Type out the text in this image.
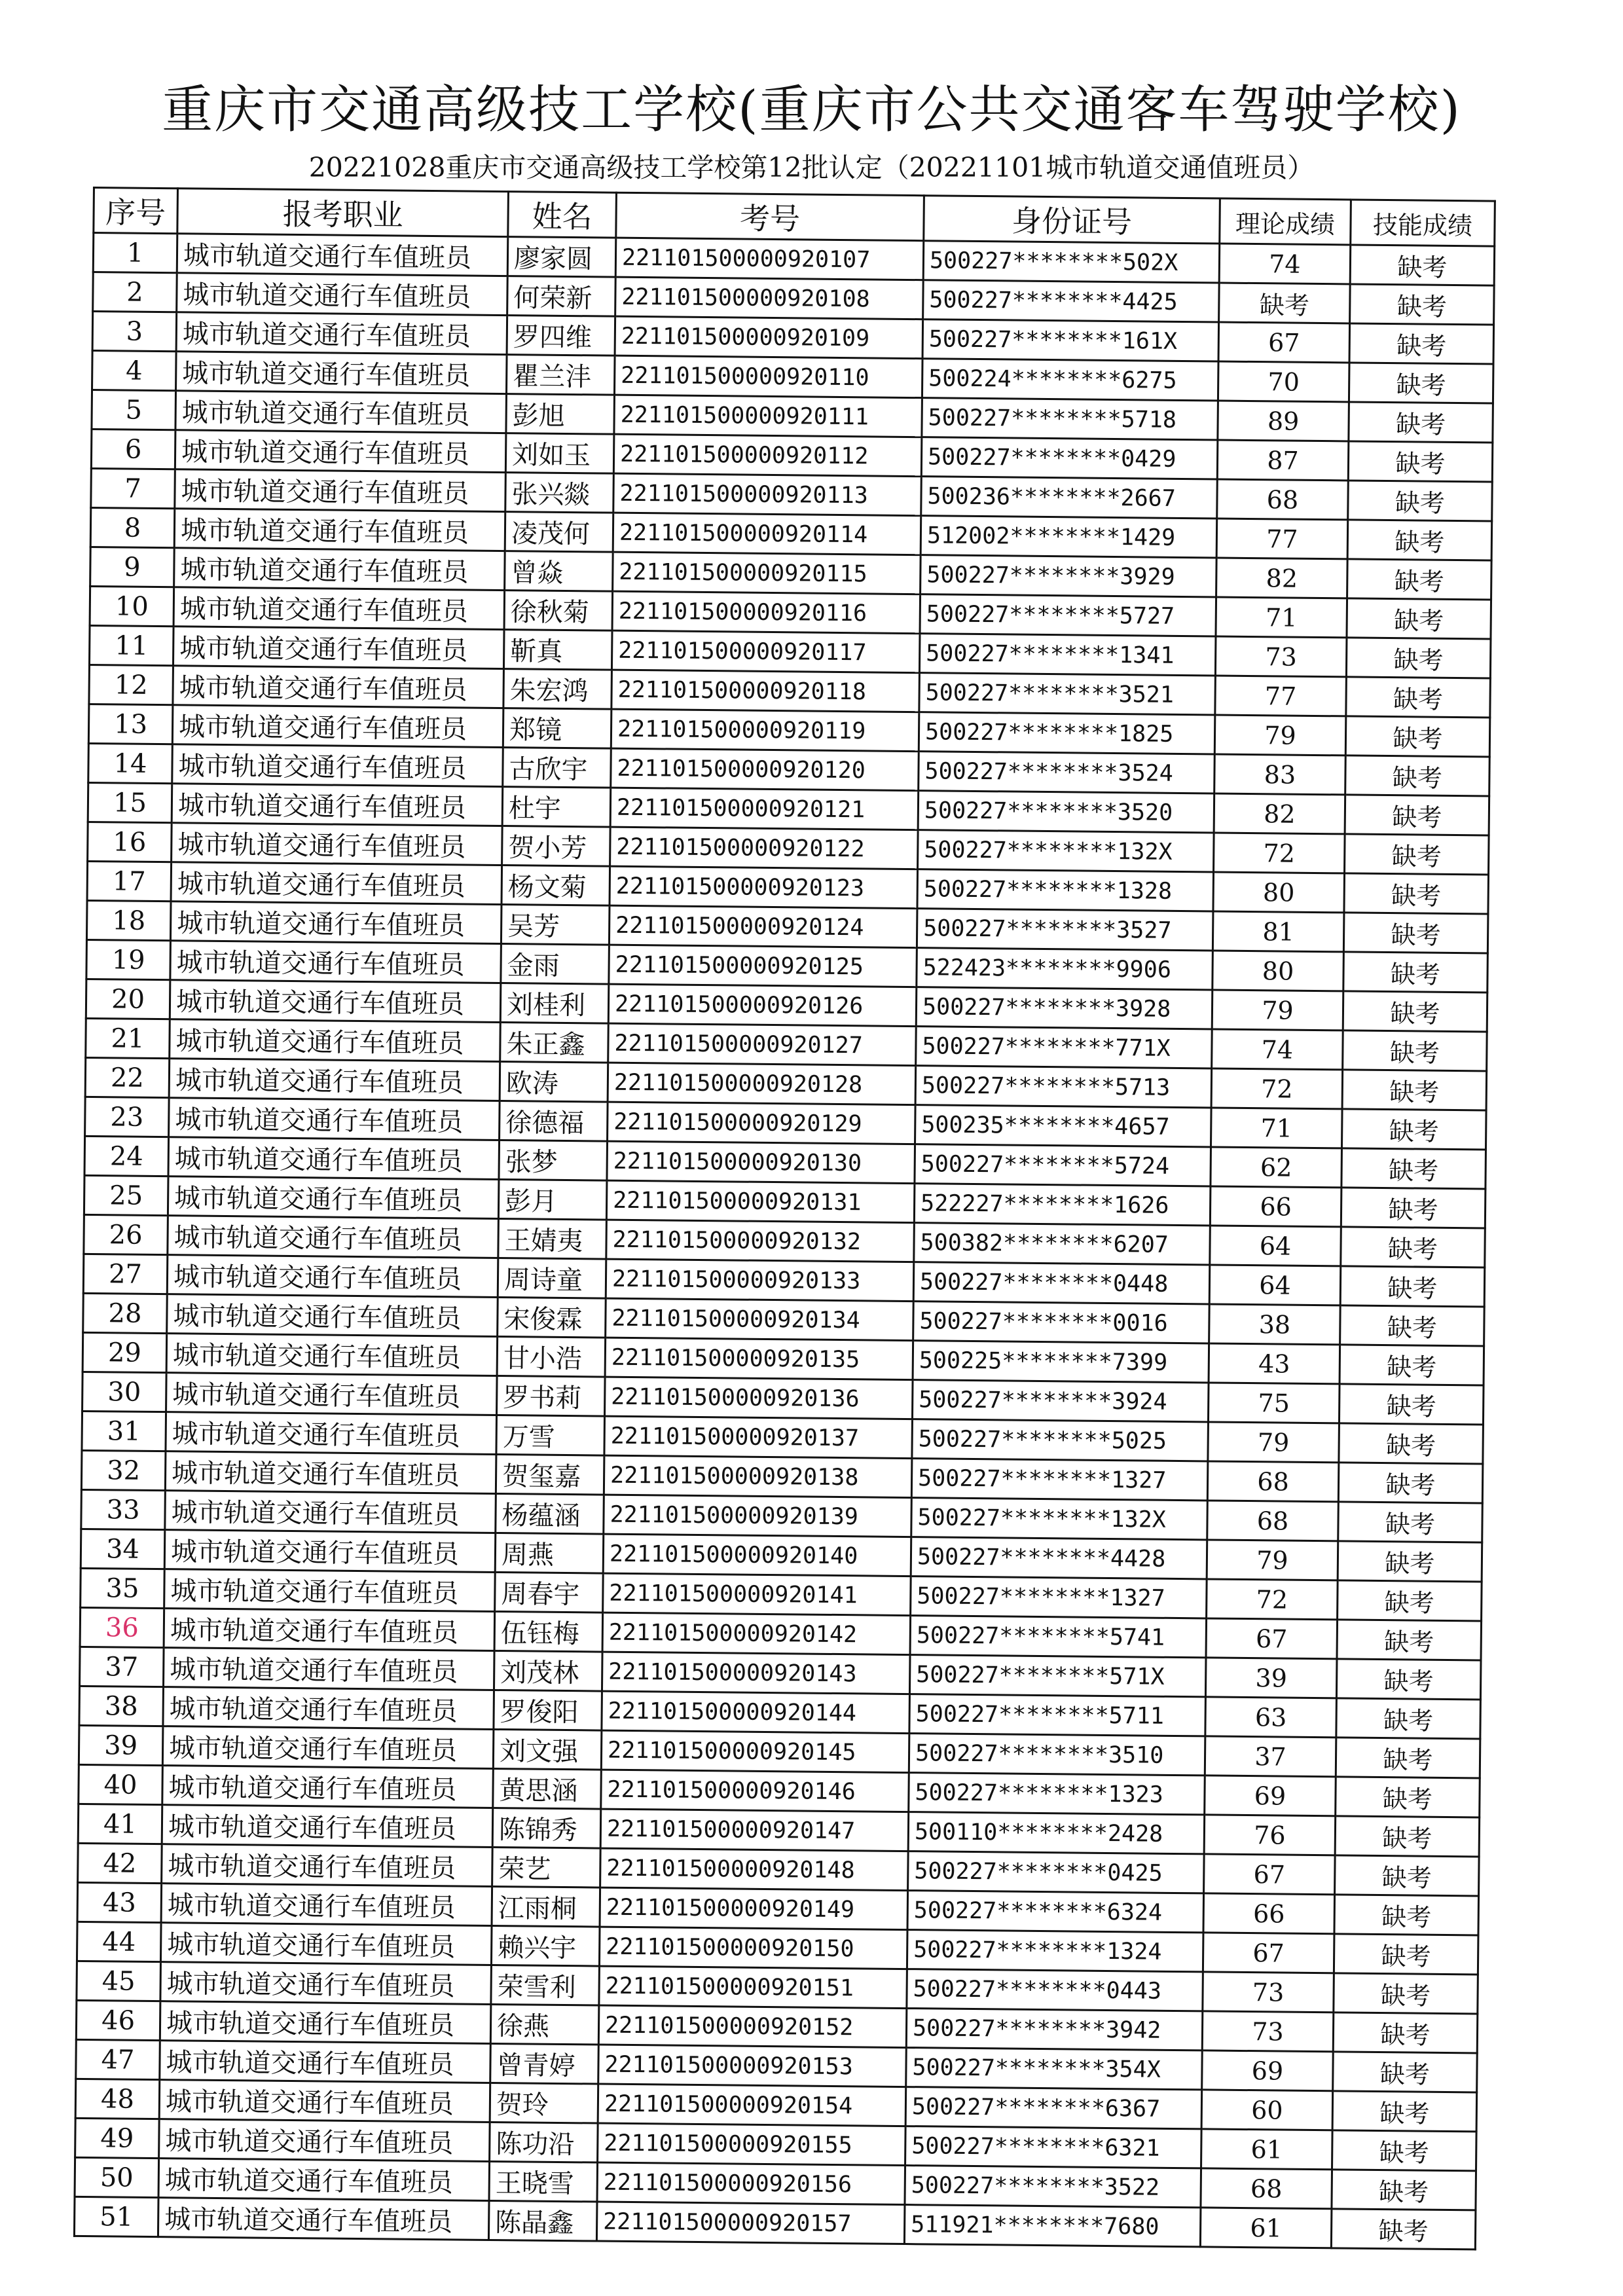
重庆市交通高级技工学校(重庆市公共交通客车驾驶学校)
20221028重庆市交通高级技工学校第12批认定（20221101城市轨道交通值班员）
序号	报考职业	姓名	考号	身份证号	理论成绩	技能成绩
1	城市轨道交通行车值班员	廖家圆	221101500000920107	500227********502X	74	缺考
2	城市轨道交通行车值班员	何荣新	221101500000920108	500227********4425	缺考	缺考
3	城市轨道交通行车值班员	罗四维	221101500000920109	500227********161X	67	缺考
4	城市轨道交通行车值班员	瞿兰沣	221101500000920110	500224********6275	70	缺考
5	城市轨道交通行车值班员	彭旭	221101500000920111	500227********5718	89	缺考
6	城市轨道交通行车值班员	刘如玉	221101500000920112	500227********0429	87	缺考
7	城市轨道交通行车值班员	张兴燚	221101500000920113	500236********2667	68	缺考
8	城市轨道交通行车值班员	凌茂何	221101500000920114	512002********1429	77	缺考
9	城市轨道交通行车值班员	曾焱	221101500000920115	500227********3929	82	缺考
10	城市轨道交通行车值班员	徐秋菊	221101500000920116	500227********5727	71	缺考
11	城市轨道交通行车值班员	靳真	221101500000920117	500227********1341	73	缺考
12	城市轨道交通行车值班员	朱宏鸿	221101500000920118	500227********3521	77	缺考
13	城市轨道交通行车值班员	郑镜	221101500000920119	500227********1825	79	缺考
14	城市轨道交通行车值班员	古欣宇	221101500000920120	500227********3524	83	缺考
15	城市轨道交通行车值班员	杜宇	221101500000920121	500227********3520	82	缺考
16	城市轨道交通行车值班员	贺小芳	221101500000920122	500227********132X	72	缺考
17	城市轨道交通行车值班员	杨文菊	221101500000920123	500227********1328	80	缺考
18	城市轨道交通行车值班员	吴芳	221101500000920124	500227********3527	81	缺考
19	城市轨道交通行车值班员	金雨	221101500000920125	522423********9906	80	缺考
20	城市轨道交通行车值班员	刘桂利	221101500000920126	500227********3928	79	缺考
21	城市轨道交通行车值班员	朱正鑫	221101500000920127	500227********771X	74	缺考
22	城市轨道交通行车值班员	欧涛	221101500000920128	500227********5713	72	缺考
23	城市轨道交通行车值班员	徐德福	221101500000920129	500235********4657	71	缺考
24	城市轨道交通行车值班员	张梦	221101500000920130	500227********5724	62	缺考
25	城市轨道交通行车值班员	彭月	221101500000920131	522227********1626	66	缺考
26	城市轨道交通行车值班员	王婧夷	221101500000920132	500382********6207	64	缺考
27	城市轨道交通行车值班员	周诗童	221101500000920133	500227********0448	64	缺考
28	城市轨道交通行车值班员	宋俊霖	221101500000920134	500227********0016	38	缺考
29	城市轨道交通行车值班员	甘小浩	221101500000920135	500225********7399	43	缺考
30	城市轨道交通行车值班员	罗书莉	221101500000920136	500227********3924	75	缺考
31	城市轨道交通行车值班员	万雪	221101500000920137	500227********5025	79	缺考
32	城市轨道交通行车值班员	贺玺嘉	221101500000920138	500227********1327	68	缺考
33	城市轨道交通行车值班员	杨蕴涵	221101500000920139	500227********132X	68	缺考
34	城市轨道交通行车值班员	周燕	221101500000920140	500227********4428	79	缺考
35	城市轨道交通行车值班员	周春宇	221101500000920141	500227********1327	72	缺考
36	城市轨道交通行车值班员	伍钰梅	221101500000920142	500227********5741	67	缺考
37	城市轨道交通行车值班员	刘茂林	221101500000920143	500227********571X	39	缺考
38	城市轨道交通行车值班员	罗俊阳	221101500000920144	500227********5711	63	缺考
39	城市轨道交通行车值班员	刘文强	221101500000920145	500227********3510	37	缺考
40	城市轨道交通行车值班员	黄思涵	221101500000920146	500227********1323	69	缺考
41	城市轨道交通行车值班员	陈锦秀	221101500000920147	500110********2428	76	缺考
42	城市轨道交通行车值班员	荣艺	221101500000920148	500227********0425	67	缺考
43	城市轨道交通行车值班员	江雨桐	221101500000920149	500227********6324	66	缺考
44	城市轨道交通行车值班员	赖兴宇	221101500000920150	500227********1324	67	缺考
45	城市轨道交通行车值班员	荣雪利	221101500000920151	500227********0443	73	缺考
46	城市轨道交通行车值班员	徐燕	221101500000920152	500227********3942	73	缺考
47	城市轨道交通行车值班员	曾青婷	221101500000920153	500227********354X	69	缺考
48	城市轨道交通行车值班员	贺玲	221101500000920154	500227********6367	60	缺考
49	城市轨道交通行车值班员	陈功沿	221101500000920155	500227********6321	61	缺考
50	城市轨道交通行车值班员	王晓雪	221101500000920156	500227********3522	68	缺考
51	城市轨道交通行车值班员	陈晶鑫	221101500000920157	511921********7680	61	缺考
